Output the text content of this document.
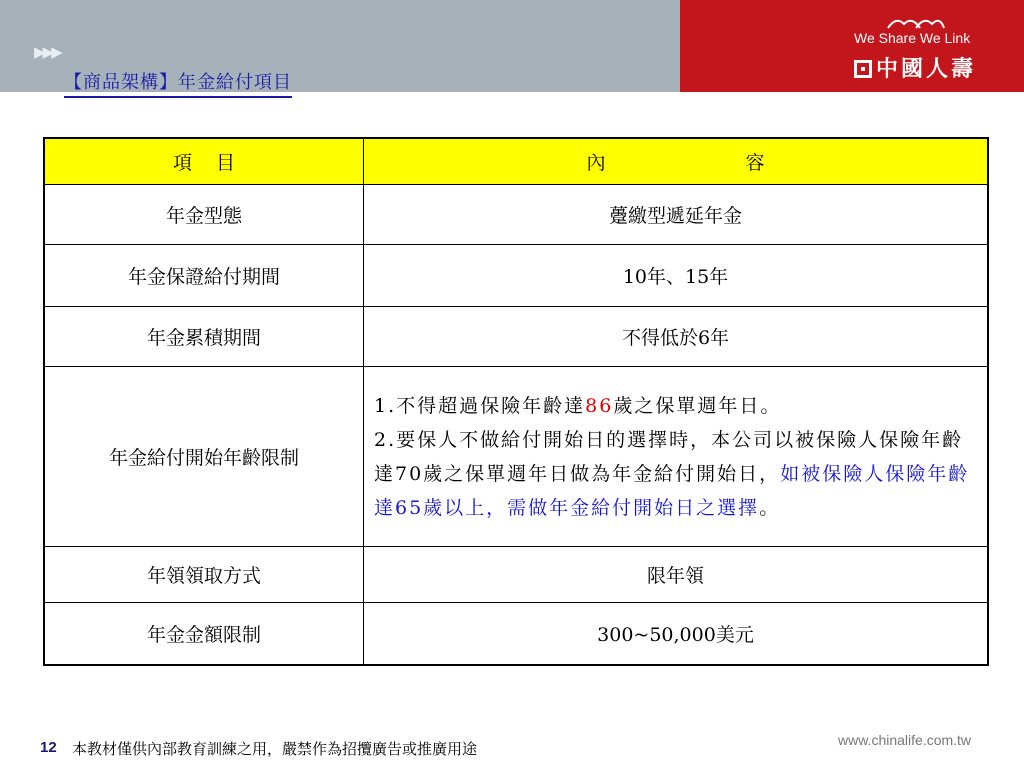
We Share We Link
中國人壽
▶▶▶
【商品架構】年金給付項目
項 目	內 容
年金型態	躉繳型遞延年金
年金保證給付期間	10年、15年
年金累積期間	不得低於6年
年金給付開始年齡限制	1.不得超過保險年齡達86歲之保單週年日。
2.要保人不做給付開始日的選擇時，本公司以被保險人保險年齡達70歲之保單週年日做為年金給付開始日，如被保險人保險年齡達65歲以上，需做年金給付開始日之選擇。

年領領取方式	限年領
年金金額限制	300~50,000美元
12 本教材僅供內部教育訓練之用，嚴禁作為招攬廣告或推廣用途	www.chinalife.com.tw
